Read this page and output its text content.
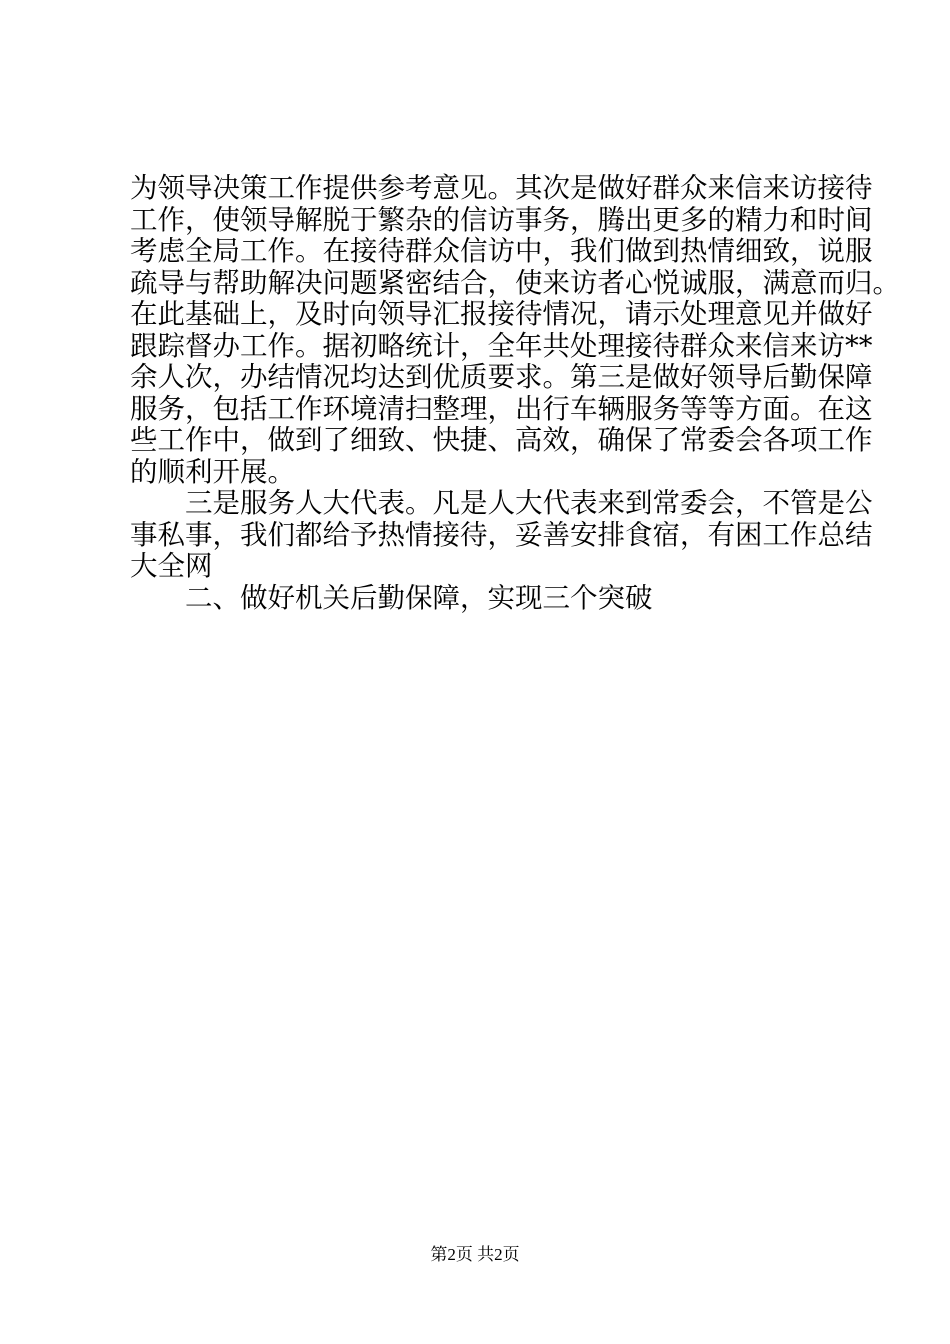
为领导决策工作提供参考意见。其次是做好群众来信来访接待
工作，使领导解脱于繁杂的信访事务，腾出更多的精力和时间
考虑全局工作。在接待群众信访中，我们做到热情细致，说服
疏导与帮助解决问题紧密结合，使来访者心悦诚服，满意而归。
在此基础上，及时向领导汇报接待情况，请示处理意见并做好
跟踪督办工作。据初略统计，全年共处理接待群众来信来访**
余人次，办结情况均达到优质要求。第三是做好领导后勤保障
服务，包括工作环境清扫整理，出行车辆服务等等方面。在这
些工作中，做到了细致、快捷、高效，确保了常委会各项工作
的顺利开展。
三是服务人大代表。凡是人大代表来到常委会，不管是公
事私事，我们都给予热情接待，妥善安排食宿，有困工作总结
大全网
二、做好机关后勤保障，实现三个突破
第2页 共2页
